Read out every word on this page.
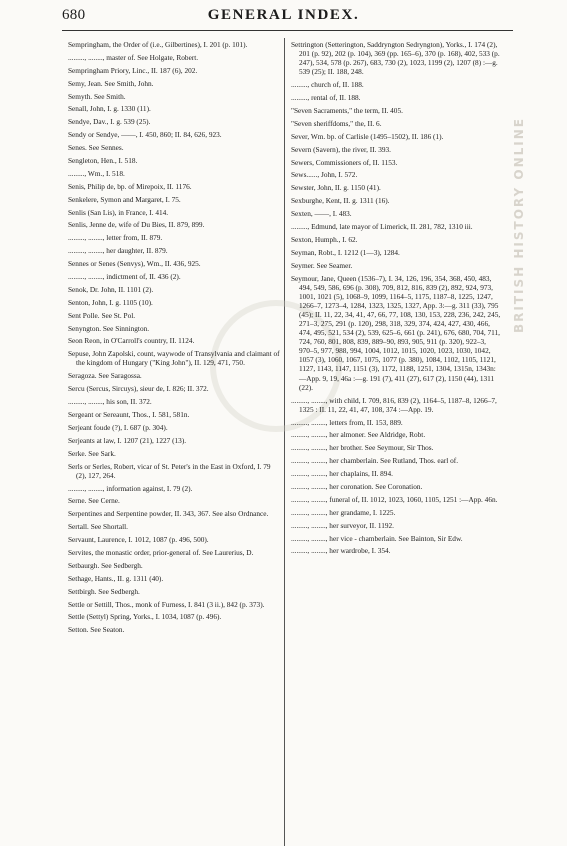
680	GENERAL INDEX.
BRITISH HISTORY ONLINE
Sempringham, the Order of (i.e., Gilbertines), I. 201 (p. 101).
........., ........, master of. See Holgate, Robert.
Sempringham Priory, Linc., II. 187 (6), 202.
Semy, Jean. See Smith, John.
Semyth. See Smith.
Senall, John, I. g. 1330 (11).
Sendye, Dav., I. g. 539 (25).
Sendy or Sendye, ——, I. 450, 860; II. 84, 626, 923.
Senes. See Sennes.
Sengleton, Hen., I. 518.
........., Wm., I. 518.
Senis, Philip de, bp. of Mirepoix, II. 1176.
Senkelere, Symon and Margaret, I. 75.
Senlis (San Lis), in France, I. 414.
Senlis, Jenne de, wife of Du Bies, II. 879, 899.
........., ........, letter from, II. 879.
........., ........, her daughter, II. 879.
Sennes or Senes (Senvys), Wm., II. 436, 925.
........., ........, indictment of, II. 436 (2).
Senok, Dr. John, II. 1101 (2).
Senton, John, I. g. 1105 (10).
Sent Polle. See St. Pol.
Senyngton. See Sinnington.
Seon Reon, in O'Carroll's country, II. 1124.
Sepuse, John Zapolski, count, waywode of Transylvania and claimant of the kingdom of Hungary ("King John"), II. 129, 471, 750.
Seragoza. See Saragossa.
Sercu (Sercus, Sircuys), sieur de, I. 826; II. 372.
........., ........, his son, II. 372.
Sergeant or Sereaunt, Thos., I. 581, 581n.
Serjeant foude (?), I. 687 (p. 304).
Serjeants at law, I. 1207 (21), 1227 (13).
Serke. See Sark.
Serls or Serles, Robert, vicar of St. Peter's in the East in Oxford, I. 79 (2), 127, 264.
........., ........, information against, I. 79 (2).
Serne. See Cerne.
Serpentines and Serpentine powder, II. 343, 367. See also Ordnance.
Sertall. See Shortall.
Servaunt, Laurence, I. 1012, 1087 (p. 496, 500).
Servites, the monastic order, prior-general of. See Laurerius, D.
Setbaurgh. See Sedbergh.
Sethage, Hants., II. g. 1311 (40).
Settbirgh. See Sedbergh.
Settle or Settill, Thos., monk of Furness, I. 841 (3 ii.), 842 (p. 373).
Settle (Settyl) Spring, Yorks., I. 1034, 1087 (p. 496).
Setton. See Seaton.
Settrington (Setterington, Saddryngton Sedryngton), Yorks., I. 174 (2), 201 (p. 92), 202 (p. 104), 369 (pp. 165–6), 370 (p. 168), 402, 533 (p. 247), 534, 578 (p. 267), 683, 730 (2), 1023, 1199 (2), 1207 (8) :—g. 539 (25); II. 188, 248.
........., church of, II. 188.
........., rental of, II. 188.
"Seven Sacraments," the term, II. 405.
"Seven sheriffdoms," the, II. 6.
Sever, Wm. bp. of Carlisle (1495–1502), II. 186 (1).
Severn (Savern), the river, II. 393.
Sewers, Commissioners of, II. 1153.
Sews......, John, I. 572.
Sewster, John, II. g. 1150 (41).
Sexburghe, Kent, II. g. 1311 (16).
Sexten, ——, I. 483.
........., Edmund, late mayor of Limerick, II. 281, 782, 1310 iii.
Sexton, Humph., I. 62.
Seyman, Robt., I. 1212 (1—3), 1284.
Seymer. See Seamer.
Seymour, Jane, Queen (1536–7), I. 34, 126, 196, 354, 368, 450, 483, 494, 549, 586, 696 (p. 308), 709, 812, 816, 839 (2), 892, 924, 973, 1001, 1021 (5), 1068–9, 1099, 1164–5, 1175, 1187–8, 1225, 1247, 1266–7, 1273–4, 1284, 1323, 1325, 1327, App. 3:—g. 311 (33), 795 (45); II. 11, 22, 34, 41, 47, 66, 77, 108, 130, 153, 228, 236, 242, 245, 271–3, 275, 291 (p. 120), 298, 318, 329, 374, 424, 427, 430, 466, 474, 495, 521, 534 (2), 539, 625–6, 661 (p. 241), 676, 680, 704, 711, 724, 760, 801, 808, 839, 889–90, 893, 905, 911 (p. 320), 922–3, 970–5, 977, 988, 994, 1004, 1012, 1015, 1020, 1023, 1030, 1042, 1057 (3), 1060, 1067, 1075, 1077 (p. 380), 1084, 1102, 1105, 1121, 1127, 1143, 1147, 1151 (3), 1172, 1188, 1251, 1304, 1315n, 1343n:—App. 9, 19, 46a :—g. 191 (7), 411 (27), 617 (2), 1150 (44), 1311 (22).
........., ........, with child, I. 709, 816, 839 (2), 1164–5, 1187–8, 1266–7, 1325 : II. 11, 22, 41, 47, 108, 374 :—App. 19.
........., ........, letters from, II. 153, 889.
........., ........, her almoner. See Aldridge, Robt.
........., ........, her brother. See Seymour, Sir Thos.
........., ........, her chamberlain. See Rutland, Thos. earl of.
........., ........, her chaplains, II. 894.
........., ........, her coronation. See Coronation.
........., ........, funeral of, II. 1012, 1023, 1060, 1105, 1251 :—App. 46n.
........., ........, her grandame, I. 1225.
........., ........, her surveyor, II. 1192.
........., ........, her vice - chamberlain. See Bainton, Sir Edw.
........., ........, her wardrobe, I. 354.
